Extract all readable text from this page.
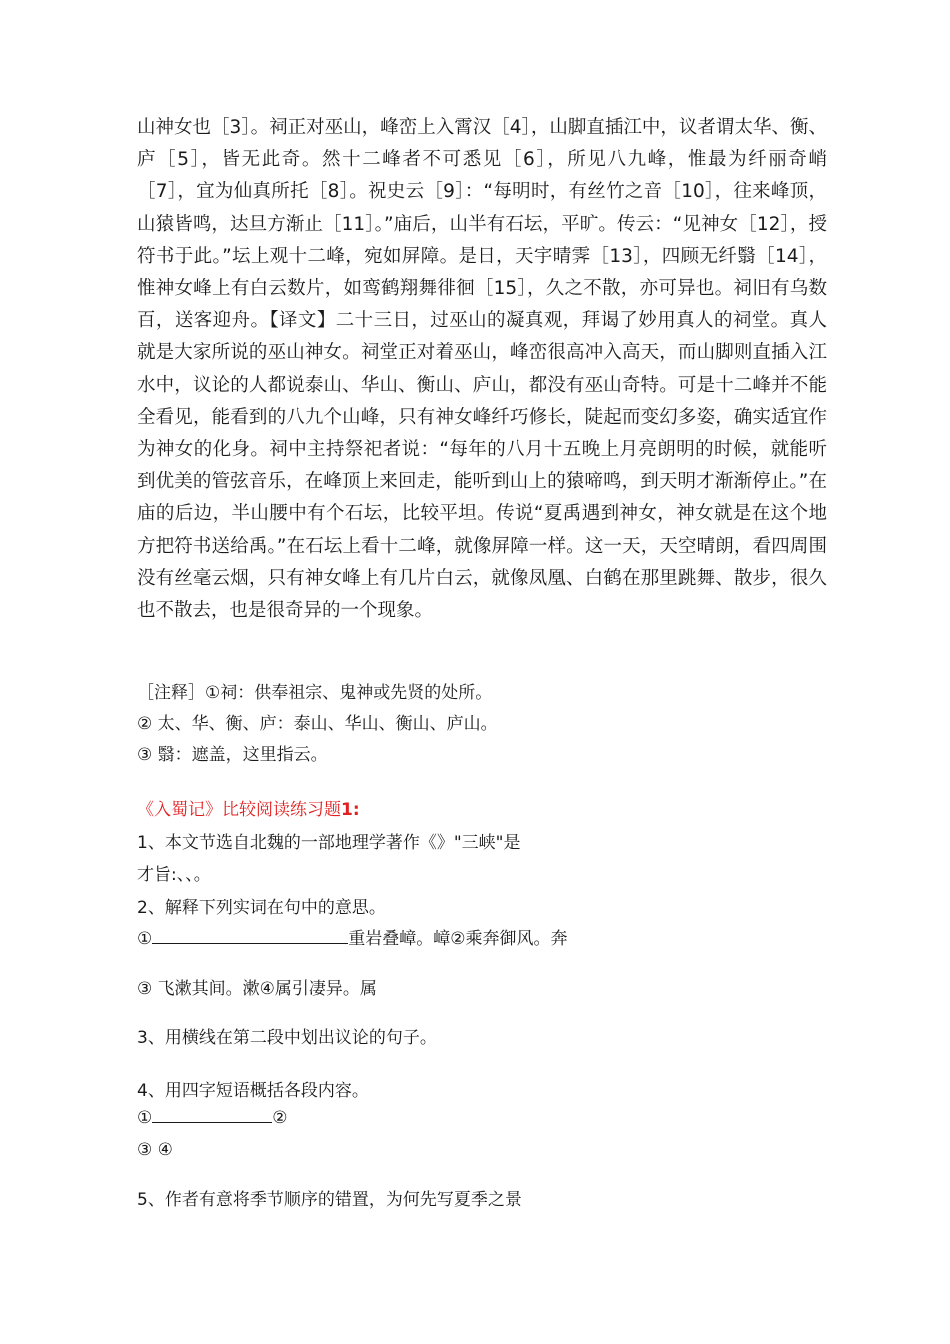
山神女也［3］。祠正对巫山，峰峦上入霄汉［4］，山脚直插江中，议者谓太华、衡、庐［5］，皆无此奇。然十二峰者不可悉见［6］，所见八九峰，惟最为纤丽奇峭［7］，宜为仙真所托［8］。祝史云［9］：“每明时，有丝竹之音［10］，往来峰顶，山猿皆鸣，达旦方渐止［11］。”庙后，山半有石坛，平旷。传云：“见神女［12］，授符书于此。”坛上观十二峰，宛如屏障。是日，天宇晴霁［13］，四顾无纤翳［14］，惟神女峰上有白云数片，如鸾鹤翔舞徘徊［15］，久之不散，亦可异也。祠旧有乌数百，送客迎舟。【译文】二十三日，过巫山的凝真观，拜谒了妙用真人的祠堂。真人就是大家所说的巫山神女。祠堂正对着巫山，峰峦很高冲入高天，而山脚则直插入江水中，议论的人都说泰山、华山、衡山、庐山，都没有巫山奇特。可是十二峰并不能全看见，能看到的八九个山峰，只有神女峰纤巧修长，陡起而变幻多姿，确实适宜作为神女的化身。祠中主持祭祀者说：“每年的八月十五晚上月亮朗明的时候，就能听到优美的管弦音乐，在峰顶上来回走，能听到山上的猿啼鸣，到天明才渐渐停止。”在庙的后边，半山腰中有个石坛，比较平坦。传说“夏禹遇到神女，神女就是在这个地方把符书送给禹。”在石坛上看十二峰，就像屏障一样。这一天，天空晴朗，看四周围没有丝毫云烟，只有神女峰上有几片白云，就像凤凰、白鹤在那里跳舞、散步，很久也不散去，也是很奇异的一个现象。

［注释］①祠：供奉祖宗、鬼神或先贤的处所。
② 太、华、衡、庐：泰山、华山、衡山、庐山。
③ 翳：遮盖，这里指云。
《入蜀记》比较阅读练习题1:
1、本文节选自北魏的一部地理学著作《》"三峡"是
才旨:、、。
2、解释下列实词在句中的意思。
①	重岩叠嶂。嶂②乘奔御风。奔
③ 飞漱其间。漱④属引凄异。属
3、用横线在第二段中划出议论的句子。
4、用四字短语概括各段内容。
①	②
③ ④
5、作者有意将季节顺序的错置，为何先写夏季之景
